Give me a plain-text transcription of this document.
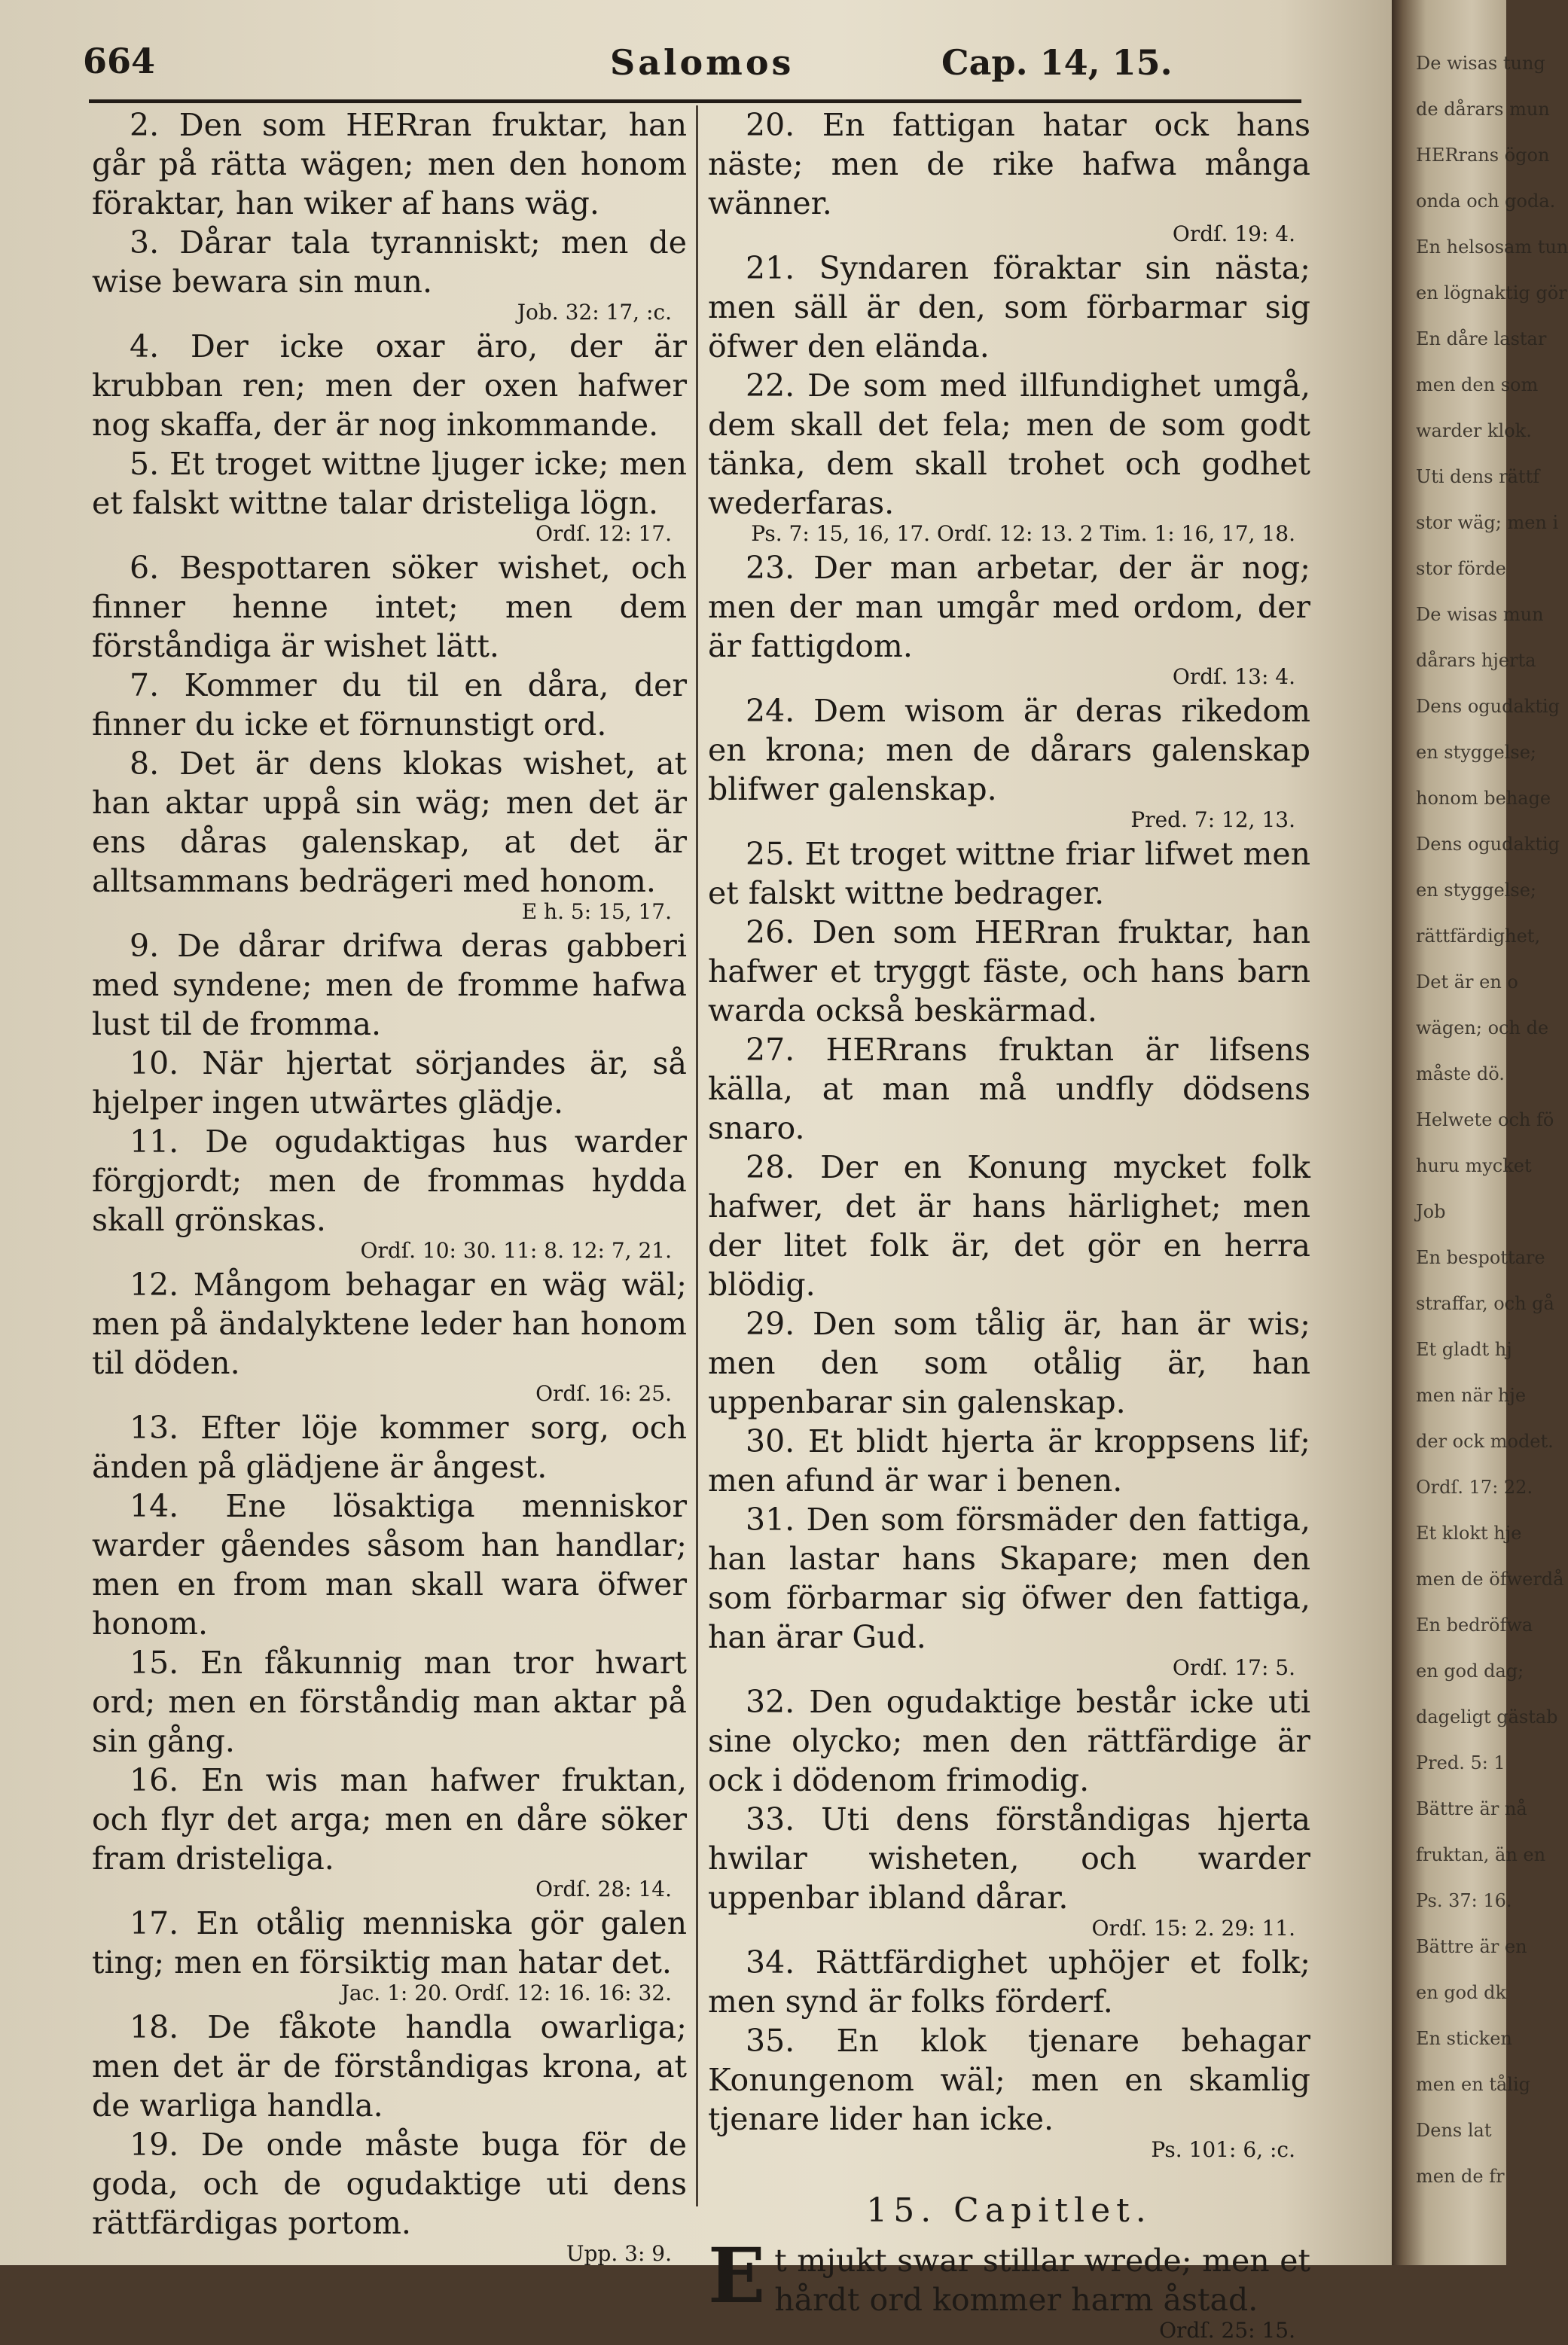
664	Salomos	Cap. 14, 15.

2. Den som HERran fruktar, han går på rätta wägen; men den honom föraktar, han wiker af hans wäg.

3. Dårar tala tyranniskt; men de wise bewara sin mun.

Job. 32: 17, :c.

4. Der icke oxar äro, der är krubban ren; men der oxen hafwer nog skaffa, der är nog inkommande.

5. Et troget wittne ljuger icke; men et falskt wittne talar dristeliga lögn.

Ordſ. 12: 17.

6. Bespottaren söker wishet, och finner henne intet; men dem förståndiga är wishet lätt.

7. Kommer du til en dåra, der finner du icke et förnunstigt ord.

8. Det är dens klokas wishet, at han aktar uppå sin wäg; men det är ens dåras galenskap, at det är alltsammans bedrägeri med honom.

E h. 5: 15, 17.

9. De dårar drifwa deras gabberi med syndene; men de fromme hafwa lust til de fromma.

10. När hjertat sörjandes är, så hjelper ingen utwärtes glädje.

11. De ogudaktigas hus warder förgjordt; men de frommas hydda skall grönskas.

Ordſ. 10: 30. 11: 8. 12: 7, 21.

12. Mångom behagar en wäg wäl; men på ändalyktene leder han honom til döden.

Ordſ. 16: 25.

13. Efter löje kommer sorg, och änden på glädjene är ångest.

14. Ene lösaktiga menniskor warder gåendes såsom han handlar; men en from man skall wara öfwer honom.

15. En fåkunnig man tror hwart ord; men en förståndig man aktar på sin gång.

16. En wis man hafwer fruktan, och flyr det arga; men en dåre söker fram dristeliga.

Ordſ. 28: 14.

17. En otålig menniska gör galen ting; men en försiktig man hatar det.

Jac. 1: 20. Ordſ. 12: 16. 16: 32.

18. De fåkote handla owarliga; men det är de förståndigas krona, at de warliga handla.

19. De onde måste buga för de goda, och de ogudaktige uti dens rättfärdigas portom.

Upp. 3: 9.

20. En fattigan hatar ock hans näste; men de rike hafwa många wänner.

Ordſ. 19: 4.

21. Syndaren föraktar sin nästa; men säll är den, som förbarmar sig öfwer den elända.

22. De som med illfundighet umgå, dem skall det fela; men de som godt tänka, dem skall trohet och godhet wederfaras.

Ps. 7: 15, 16, 17. Ordſ. 12: 13. 2 Tim. 1: 16, 17, 18.

23. Der man arbetar, der är nog; men der man umgår med ordom, der är fattigdom.

Ordſ. 13: 4.

24. Dem wisom är deras rikedom en krona; men de dårars galenskap blifwer galenskap.

Pred. 7: 12, 13.

25. Et troget wittne friar lifwet men et falskt wittne bedrager.

26. Den som HERran fruktar, han hafwer et tryggt fäste, och hans barn warda också beskärmad.

27. HERrans fruktan är lifsens källa, at man må undfly dödsens snaro.

28. Der en Konung mycket folk hafwer, det är hans härlighet; men der litet folk är, det gör en herra blödig.

29. Den som tålig är, han är wis; men den som otålig är, han uppenbarar sin galenskap.

30. Et blidt hjerta är kroppsens lif; men afund är war i benen.

31. Den som försmäder den fattiga, han lastar hans Skapare; men den som förbarmar sig öfwer den fattiga, han ärar Gud.

Ordſ. 17: 5.

32. Den ogudaktige består icke uti sine olycko; men den rättfärdige är ock i dödenom frimodig.

33. Uti dens förståndigas hjerta hwilar wisheten, och warder uppenbar ibland dårar.

Ordſ. 15: 2. 29: 11.

34. Rättfärdighet uphöjer et folk; men synd är folks förderf.

35. En klok tjenare behagar Konungenom wäl; men en skamlig tjenare lider han icke.

Ps. 101: 6, :c.
15. Capitlet.

Et mjukt swar stillar wrede; men et hårdt ord kommer harm åstad.

Ordſ. 25: 15.
De wisas tung
de dårars mun
HERrans ögon
onda och goda.
En helsosam tun
en lögnaktig gör
En dåre lastar
men den som
warder klok.
Uti dens rättf
stor wäg; men i
stor förde
De wisas mun
dårars hjerta
Dens ogudaktig
en styggelse;
honom behage
Dens ogudaktig
en styggelse;
rättfärdighet,
Det är en o
wägen; och de
måste dö.
Helwete och fö
huru mycket
Job
En bespottare
straffar, och gå
Et gladt hj
men när hje
der ock modet.
Ordſ. 17: 22.
Et klokt hje
men de öfwerdå
En bedröfwa
en god dag;
dageligt gästab
Pred. 5: 1
Bättre är nå
fruktan, än en
Ps. 37: 16.
Bättre är en
en god dk
En sticken
men en tålig
Dens lat
men de fr
